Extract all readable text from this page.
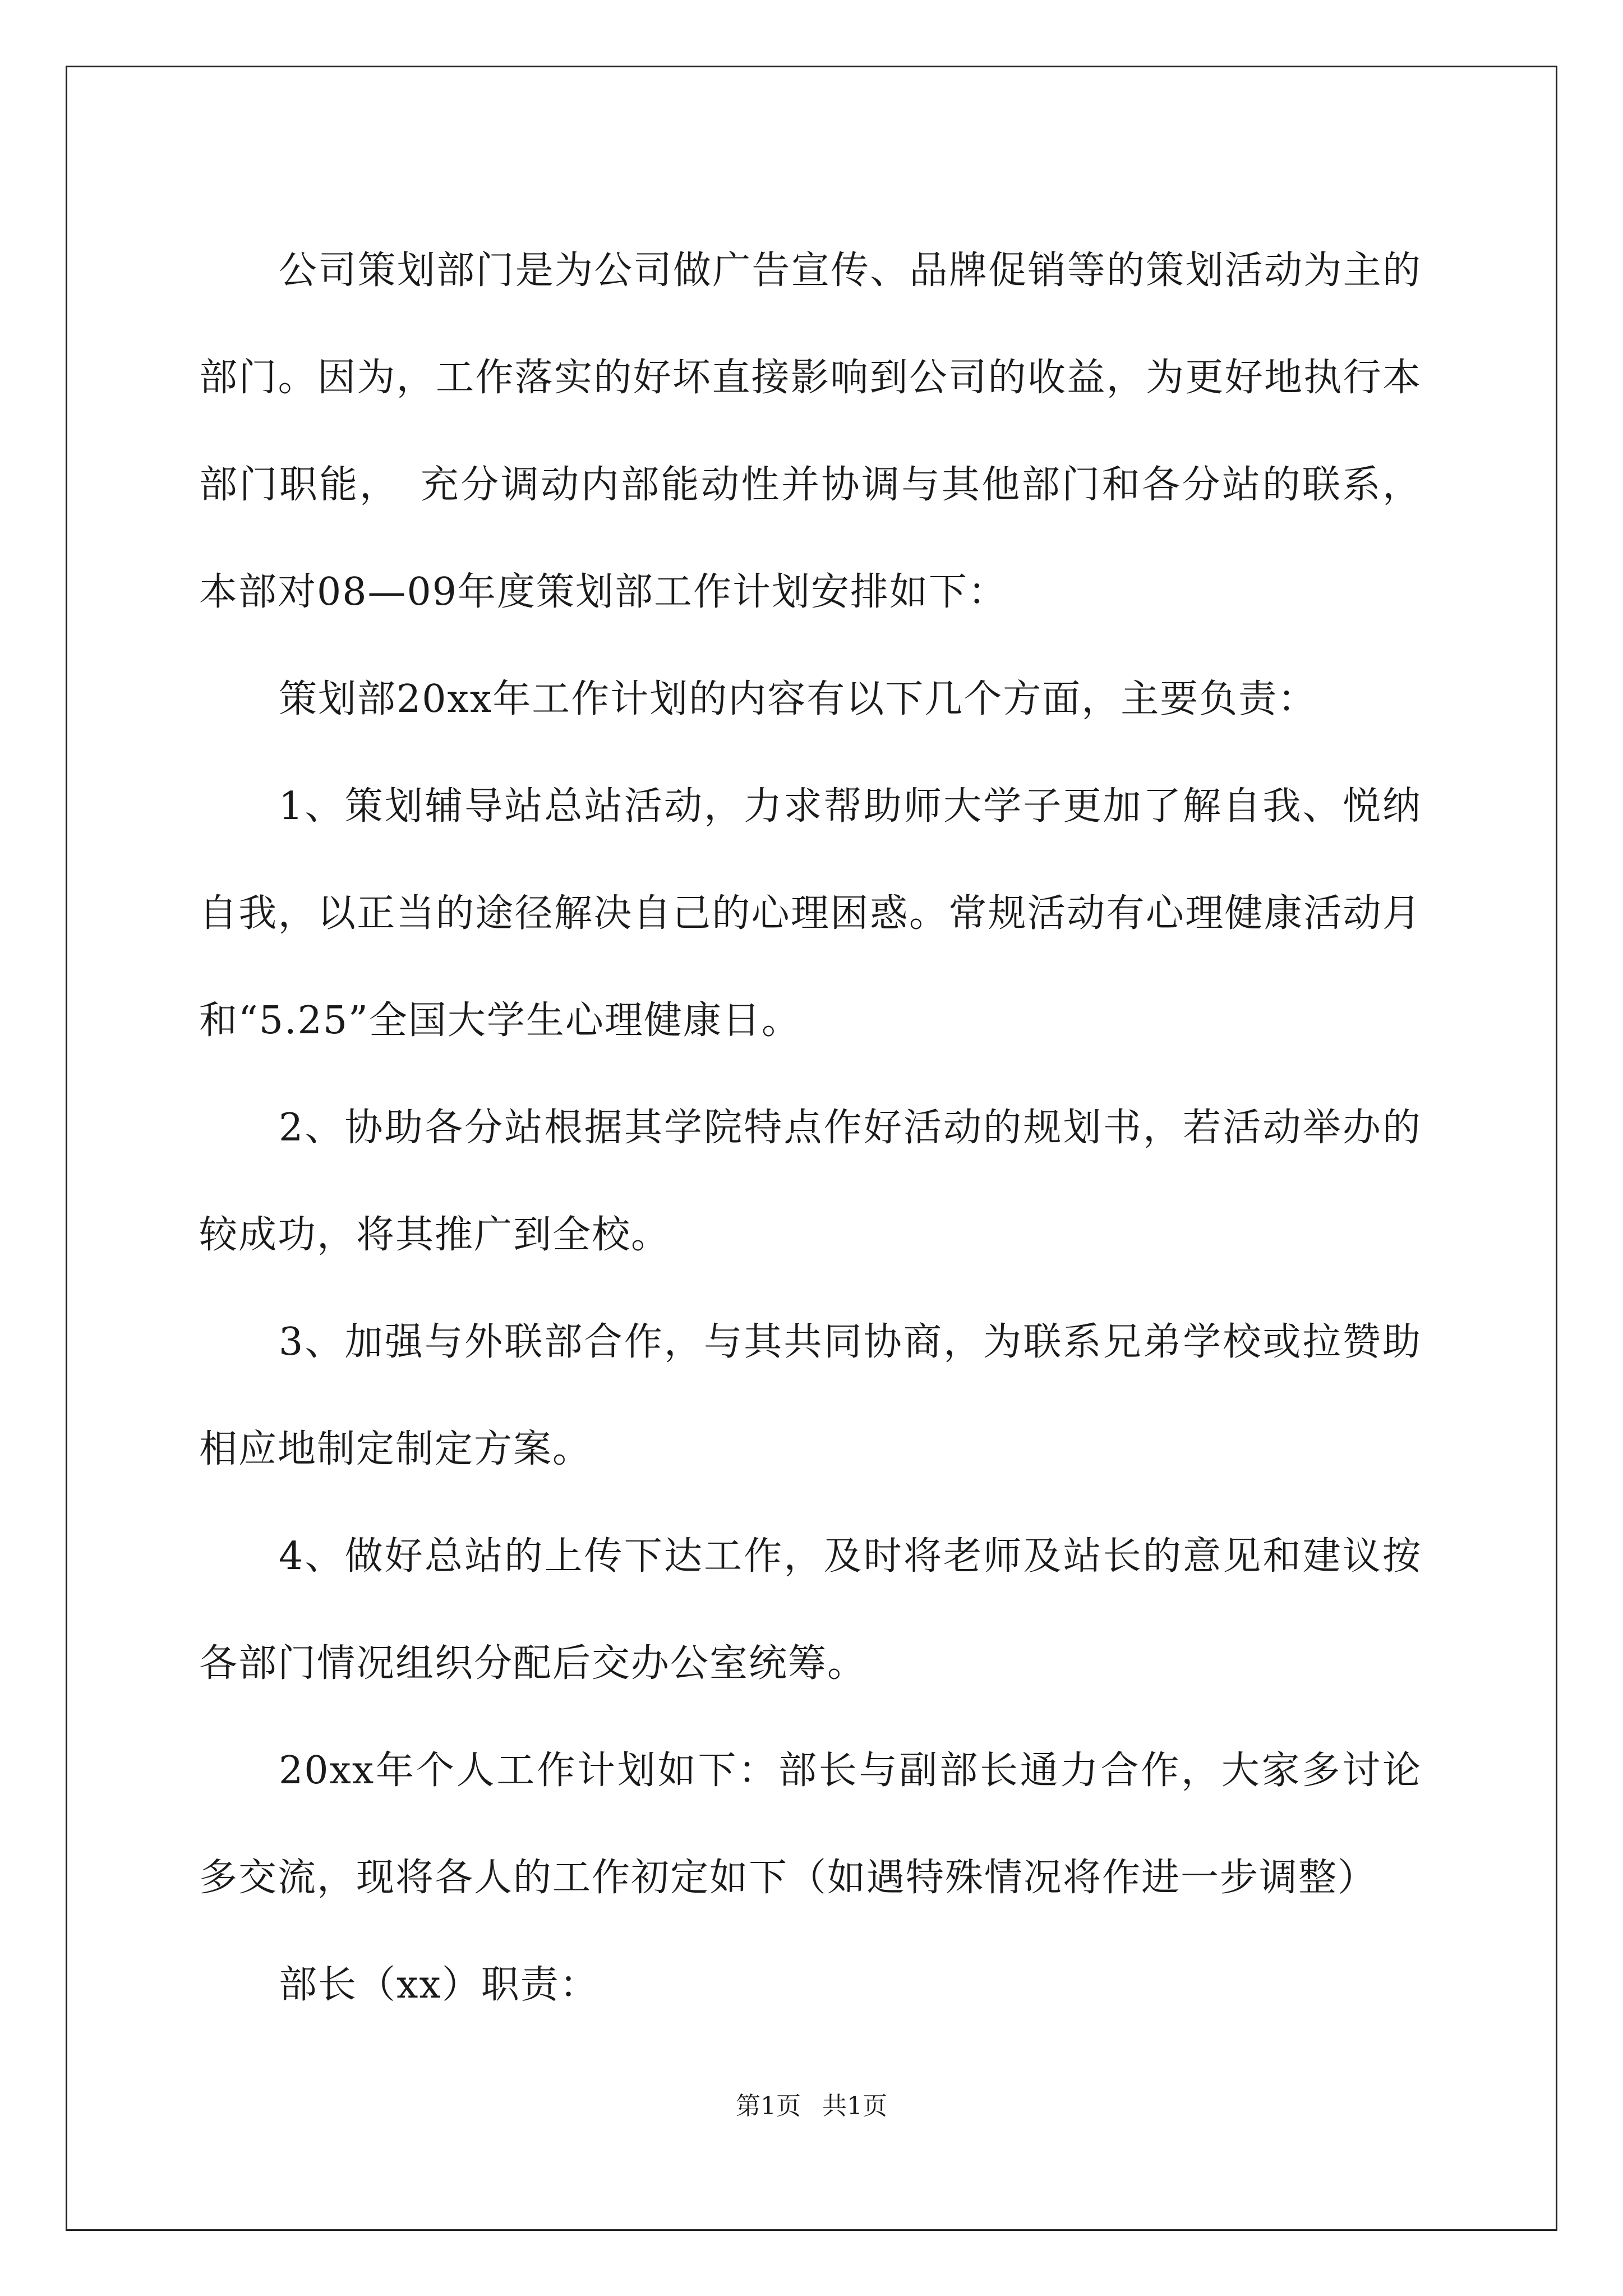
公司策划部门是为公司做广告宣传、品牌促销等的策划活动为主的部门。因为，工作落实的好坏直接影响到公司的收益，为更好地执行本部门职能，　充分调动内部能动性并协调与其他部门和各分站的联系，本部对08—09年度策划部工作计划安排如下：

策划部20xx年工作计划的内容有以下几个方面，主要负责：

1、策划辅导站总站活动，力求帮助师大学子更加了解自我、悦纳自我，以正当的途径解决自己的心理困惑。常规活动有心理健康活动月和“5.25”全国大学生心理健康日。

2、协助各分站根据其学院特点作好活动的规划书，若活动举办的较成功，将其推广到全校。

3、加强与外联部合作，与其共同协商，为联系兄弟学校或拉赞助相应地制定制定方案。

4、做好总站的上传下达工作，及时将老师及站长的意见和建议按各部门情况组织分配后交办公室统筹。

20xx年个人工作计划如下：部长与副部长通力合作，大家多讨论多交流，现将各人的工作初定如下（如遇特殊情况将作进一步调整）

部长（xx）职责：

第1页 共1页
